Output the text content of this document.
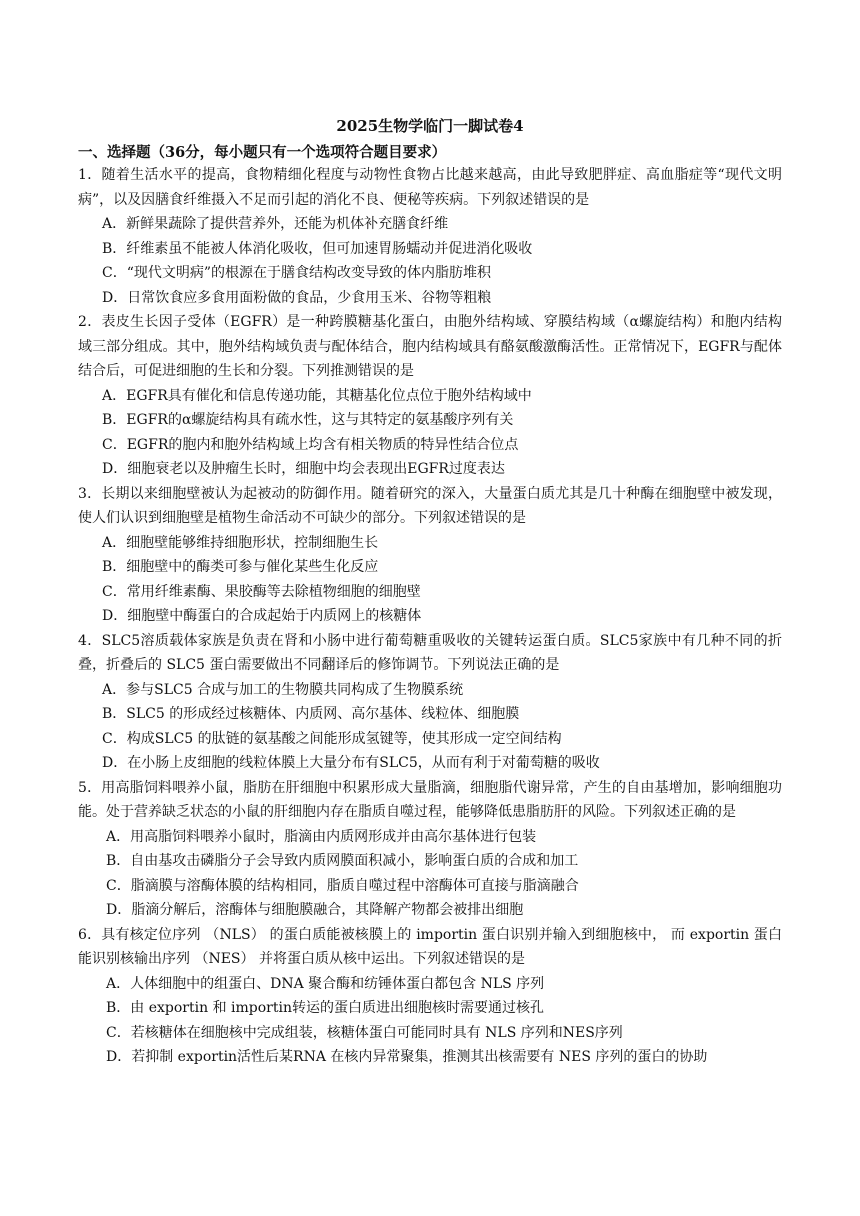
2025生物学临门一脚试卷4
一、选择题（36分，每小题只有一个选项符合题目要求）

1．随着生活水平的提高，食物精细化程度与动物性食物占比越来越高，由此导致肥胖症、高血脂症等“现代文明病”，以及因膳食纤维摄入不足而引起的消化不良、便秘等疾病。下列叙述错误的是

A．新鲜果蔬除了提供营养外，还能为机体补充膳食纤维
B．纤维素虽不能被人体消化吸收，但可加速胃肠蠕动并促进消化吸收
C．“现代文明病”的根源在于膳食结构改变导致的体内脂肪堆积
D．日常饮食应多食用面粉做的食品，少食用玉米、谷物等粗粮

2．表皮生长因子受体（EGFR）是一种跨膜糖基化蛋白，由胞外结构域、穿膜结构域（α螺旋结构）和胞内结构域三部分组成。其中，胞外结构域负责与配体结合，胞内结构域具有酪氨酸激酶活性。正常情况下，EGFR与配体结合后，可促进细胞的生长和分裂。下列推测错误的是

A．EGFR具有催化和信息传递功能，其糖基化位点位于胞外结构域中
B．EGFR的α螺旋结构具有疏水性，这与其特定的氨基酸序列有关
C．EGFR的胞内和胞外结构域上均含有相关物质的特异性结合位点
D．细胞衰老以及肿瘤生长时，细胞中均会表现出EGFR过度表达

3．长期以来细胞壁被认为起被动的防御作用。随着研究的深入，大量蛋白质尤其是几十种酶在细胞壁中被发现，使人们认识到细胞壁是植物生命活动不可缺少的部分。下列叙述错误的是

A．细胞壁能够维持细胞形状，控制细胞生长
B．细胞壁中的酶类可参与催化某些生化反应
C．常用纤维素酶、果胶酶等去除植物细胞的细胞壁
D．细胞壁中酶蛋白的合成起始于内质网上的核糖体

4．SLC5溶质载体家族是负责在肾和小肠中进行葡萄糖重吸收的关键转运蛋白质。SLC5家族中有几种不同的折叠，折叠后的 SLC5 蛋白需要做出不同翻译后的修饰调节。下列说法正确的是

A．参与SLC5 合成与加工的生物膜共同构成了生物膜系统
B．SLC5 的形成经过核糖体、内质网、高尔基体、线粒体、细胞膜
C．构成SLC5 的肽链的氨基酸之间能形成氢键等，使其形成一定空间结构
D．在小肠上皮细胞的线粒体膜上大量分布有SLC5，从而有利于对葡萄糖的吸收

5．用高脂饲料喂养小鼠，脂肪在肝细胞中积累形成大量脂滴，细胞脂代谢异常，产生的自由基增加，影响细胞功能。处于营养缺乏状态的小鼠的肝细胞内存在脂质自噬过程，能够降低患脂肪肝的风险。下列叙述正确的是

A．用高脂饲料喂养小鼠时，脂滴由内质网形成并由高尔基体进行包装
B．自由基攻击磷脂分子会导致内质网膜面积减小，影响蛋白质的合成和加工
C．脂滴膜与溶酶体膜的结构相同，脂质自噬过程中溶酶体可直接与脂滴融合
D．脂滴分解后，溶酶体与细胞膜融合，其降解产物都会被排出细胞

6．具有核定位序列 （NLS） 的蛋白质能被核膜上的 importin 蛋白识别并输入到细胞核中， 而 exportin 蛋白能识别核输出序列 （NES） 并将蛋白质从核中运出。下列叙述错误的是

A．人体细胞中的组蛋白、DNA 聚合酶和纺锤体蛋白都包含 NLS 序列
B．由 exportin 和 importin转运的蛋白质进出细胞核时需要通过核孔
C．若核糖体在细胞核中完成组装，核糖体蛋白可能同时具有 NLS 序列和NES序列
D．若抑制 exportin活性后某RNA 在核内异常聚集，推测其出核需要有 NES 序列的蛋白的协助
